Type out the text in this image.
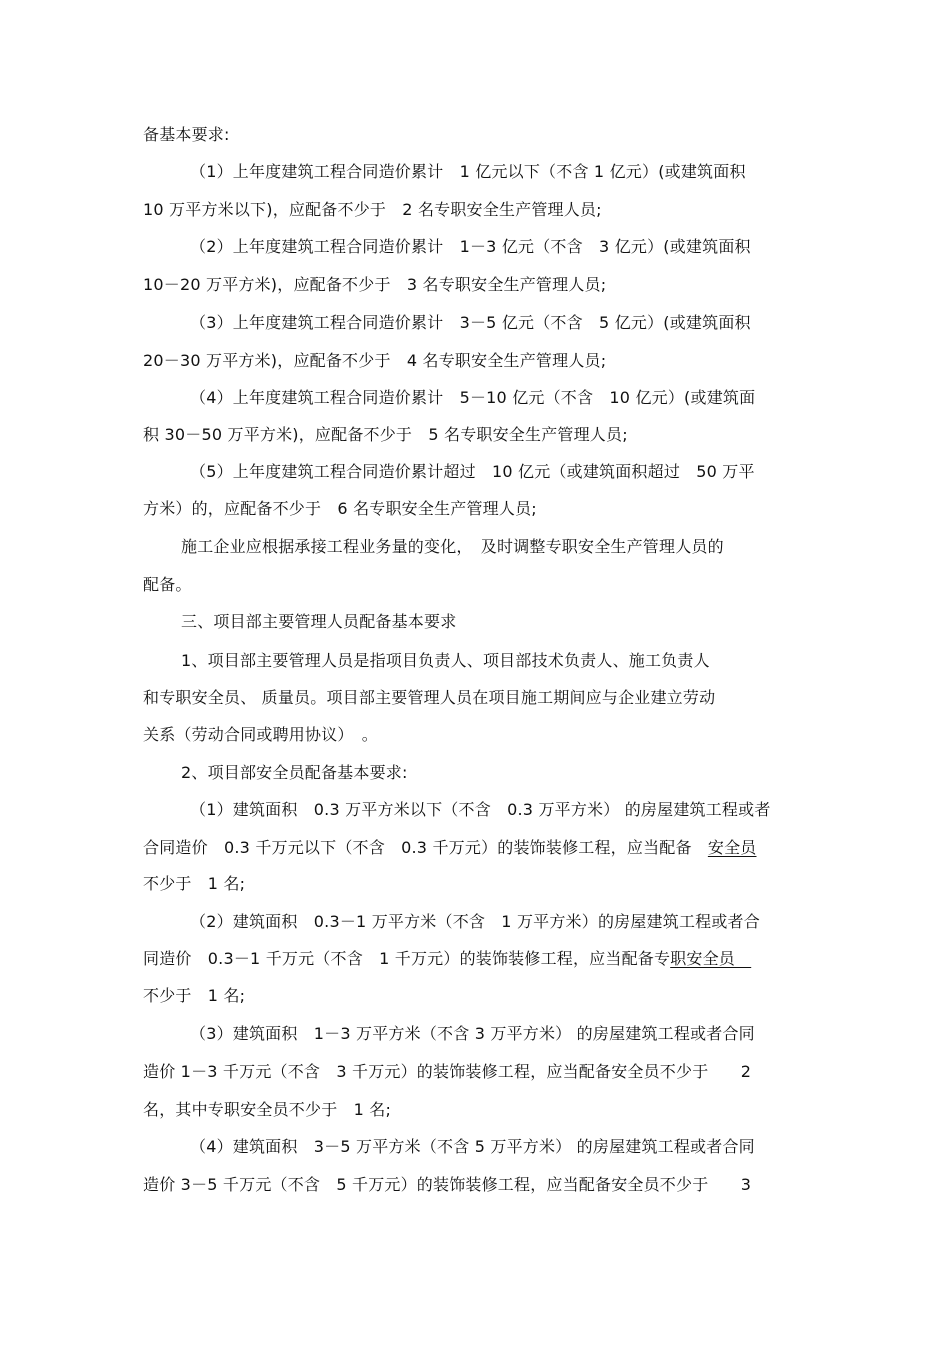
备基本要求:
（1）上年度建筑工程合同造价累计　1 亿元以下（不含 1 亿元）(或建筑面积
10 万平方米以下)，应配备不少于　2 名专职安全生产管理人员;
（2）上年度建筑工程合同造价累计　1－3 亿元（不含　3 亿元）(或建筑面积
10－20 万平方米)，应配备不少于　3 名专职安全生产管理人员;
（3）上年度建筑工程合同造价累计　3－5 亿元（不含　5 亿元）(或建筑面积
20－30 万平方米)，应配备不少于　4 名专职安全生产管理人员;
（4）上年度建筑工程合同造价累计　5－10 亿元（不含　10 亿元）(或建筑面
积 30－50 万平方米)，应配备不少于　5 名专职安全生产管理人员;
（5）上年度建筑工程合同造价累计超过　10 亿元（或建筑面积超过　50 万平
方米）的，应配备不少于　6 名专职安全生产管理人员;
施工企业应根据承接工程业务量的变化，　及时调整专职安全生产管理人员的
配备。
三、项目部主要管理人员配备基本要求
1、项目部主要管理人员是指项目负责人、项目部技术负责人、施工负责人
和专职安全员、 质量员。项目部主要管理人员在项目施工期间应与企业建立劳动
关系（劳动合同或聘用协议）　。
2、项目部安全员配备基本要求:
（1）建筑面积　0.3 万平方米以下（不含　0.3 万平方米） 的房屋建筑工程或者
合同造价　0.3 千万元以下（不含　0.3 千万元）的装饰装修工程，应当配备　安全员
不少于　1 名;
（2）建筑面积　0.3－1 万平方米（不含　1 万平方米）的房屋建筑工程或者合
同造价　0.3－1 千万元（不含　1 千万元）的装饰装修工程，应当配备专职安全员　
不少于　1 名;
（3）建筑面积　1－3 万平方米（不含 3 万平方米） 的房屋建筑工程或者合同
造价 1－3 千万元（不含　3 千万元）的装饰装修工程，应当配备安全员不少于　　2
名，其中专职安全员不少于　1 名;
（4）建筑面积　3－5 万平方米（不含 5 万平方米） 的房屋建筑工程或者合同
造价 3－5 千万元（不含　5 千万元）的装饰装修工程，应当配备安全员不少于　　3
